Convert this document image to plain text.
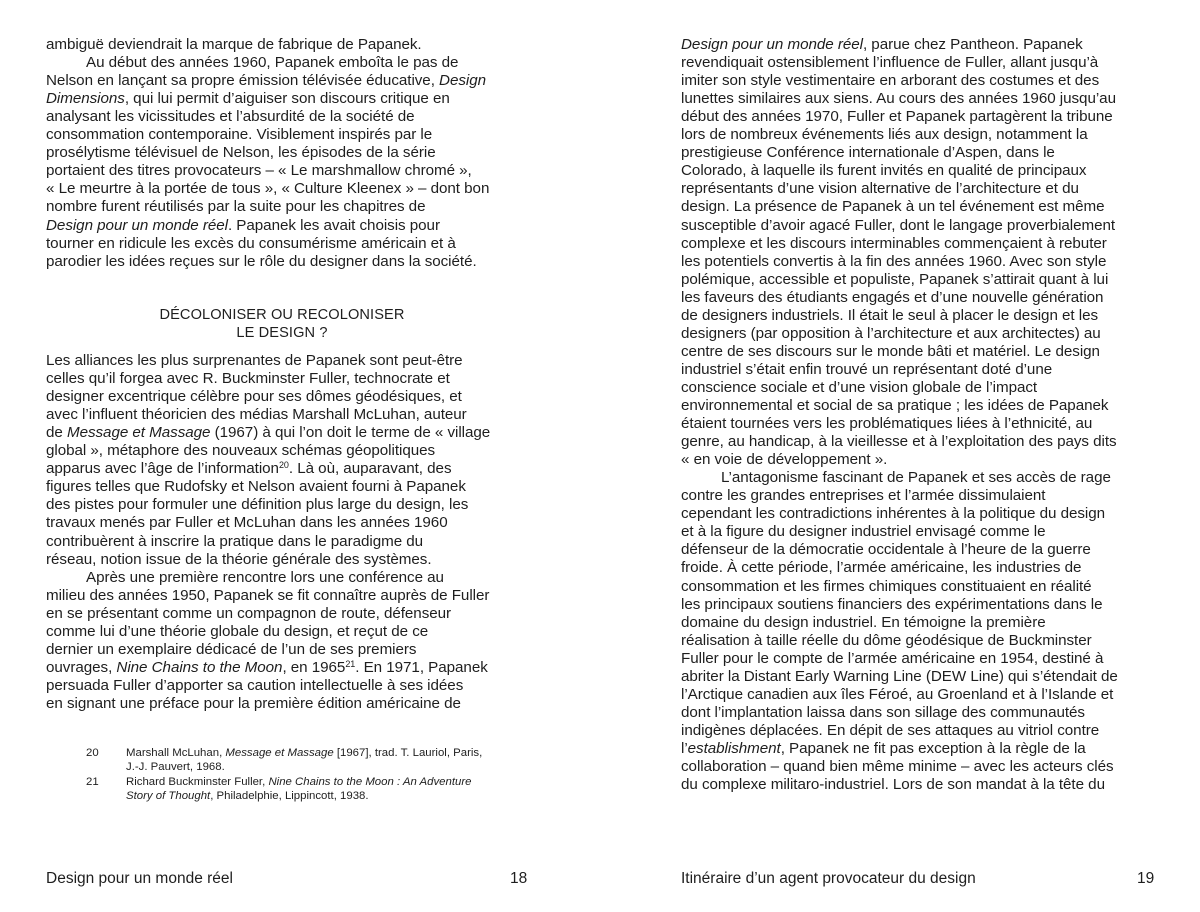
ambiguë deviendrait la marque de fabrique de Papanek.
Au début des années 1960, Papanek emboîta le pas de
Nelson en lançant sa propre émission télévisée éducative, Design
Dimensions, qui lui permit d’aiguiser son discours critique en
analysant les vicissitudes et l’absurdité de la société de
consommation contemporaine. Visiblement inspirés par le
prosélytisme télévisuel de Nelson, les épisodes de la série
portaient des titres provocateurs – « Le marshmallow chromé »,
« Le meurtre à la portée de tous », « Culture Kleenex » – dont bon
nombre furent réutilisés par la suite pour les chapitres de
Design pour un monde réel. Papanek les avait choisis pour
tourner en ridicule les excès du consumérisme américain et à
parodier les idées reçues sur le rôle du designer dans la société.
DÉCOLONISER OU RECOLONISER
LE DESIGN ?
Les alliances les plus surprenantes de Papanek sont peut-être
celles qu’il forgea avec R. Buckminster Fuller, technocrate et
designer excentrique célèbre pour ses dômes géodésiques, et
avec l’influent théoricien des médias Marshall McLuhan, auteur
de Message et Massage (1967) à qui l’on doit le terme de « village
global », métaphore des nouveaux schémas géopolitiques
apparus avec l’âge de l’information$^{20}$. Là où, auparavant, des
figures telles que Rudofsky et Nelson avaient fourni à Papanek
des pistes pour formuler une définition plus large du design, les
travaux menés par Fuller et McLuhan dans les années 1960
contribuèrent à inscrire la pratique dans le paradigme du
réseau, notion issue de la théorie générale des systèmes.
Après une première rencontre lors une conférence au
milieu des années 1950, Papanek se fit connaître auprès de Fuller
en se présentant comme un compagnon de route, défenseur
comme lui d’une théorie globale du design, et reçut de ce
dernier un exemplaire dédicacé de l’un de ses premiers
ouvrages, Nine Chains to the Moon, en 1965$^{21}$. En 1971, Papanek
persuada Fuller d’apporter sa caution intellectuelle à ses idées
en signant une préface pour la première édition américaine de
20	Marshall McLuhan, Message et Massage [1967], trad. T. Lauriol, Paris,
J.-J. Pauvert, 1968.
21	Richard Buckminster Fuller, Nine Chains to the Moon : An Adventure
Story of Thought, Philadelphie, Lippincott, 1938.
Design pour un monde réel	18
Design pour un monde réel, parue chez Pantheon. Papanek
revendiquait ostensiblement l’influence de Fuller, allant jusqu’à
imiter son style vestimentaire en arborant des costumes et des
lunettes similaires aux siens. Au cours des années 1960 jusqu’au
début des années 1970, Fuller et Papanek partagèrent la tribune
lors de nombreux événements liés aux design, notamment la
prestigieuse Conférence internationale d’Aspen, dans le
Colorado, à laquelle ils furent invités en qualité de principaux
représentants d’une vision alternative de l’architecture et du
design. La présence de Papanek à un tel événement est même
susceptible d’avoir agacé Fuller, dont le langage proverbialement
complexe et les discours interminables commençaient à rebuter
les potentiels convertis à la fin des années 1960. Avec son style
polémique, accessible et populiste, Papanek s’attirait quant à lui
les faveurs des étudiants engagés et d’une nouvelle génération
de designers industriels. Il était le seul à placer le design et les
designers (par opposition à l’architecture et aux architectes) au
centre de ses discours sur le monde bâti et matériel. Le design
industriel s’était enfin trouvé un représentant doté d’une
conscience sociale et d’une vision globale de l’impact
environnemental et social de sa pratique ; les idées de Papanek
étaient tournées vers les problématiques liées à l’ethnicité, au
genre, au handicap, à la vieillesse et à l’exploitation des pays dits
« en voie de développement ».
L’antagonisme fascinant de Papanek et ses accès de rage
contre les grandes entreprises et l’armée dissimulaient
cependant les contradictions inhérentes à la politique du design
et à la figure du designer industriel envisagé comme le
défenseur de la démocratie occidentale à l’heure de la guerre
froide. À cette période, l’armée américaine, les industries de
consommation et les firmes chimiques constituaient en réalité
les principaux soutiens financiers des expérimentations dans le
domaine du design industriel. En témoigne la première
réalisation à taille réelle du dôme géodésique de Buckminster
Fuller pour le compte de l’armée américaine en 1954, destiné à
abriter la Distant Early Warning Line (DEW Line) qui s’étendait de
l’Arctique canadien aux îles Féroé, au Groenland et à l’Islande et
dont l’implantation laissa dans son sillage des communautés
indigènes déplacées. En dépit de ses attaques au vitriol contre
l’establishment, Papanek ne fit pas exception à la règle de la
collaboration – quand bien même minime – avec les acteurs clés
du complexe militaro-industriel. Lors de son mandat à la tête du
Itinéraire d’un agent provocateur du design	19
